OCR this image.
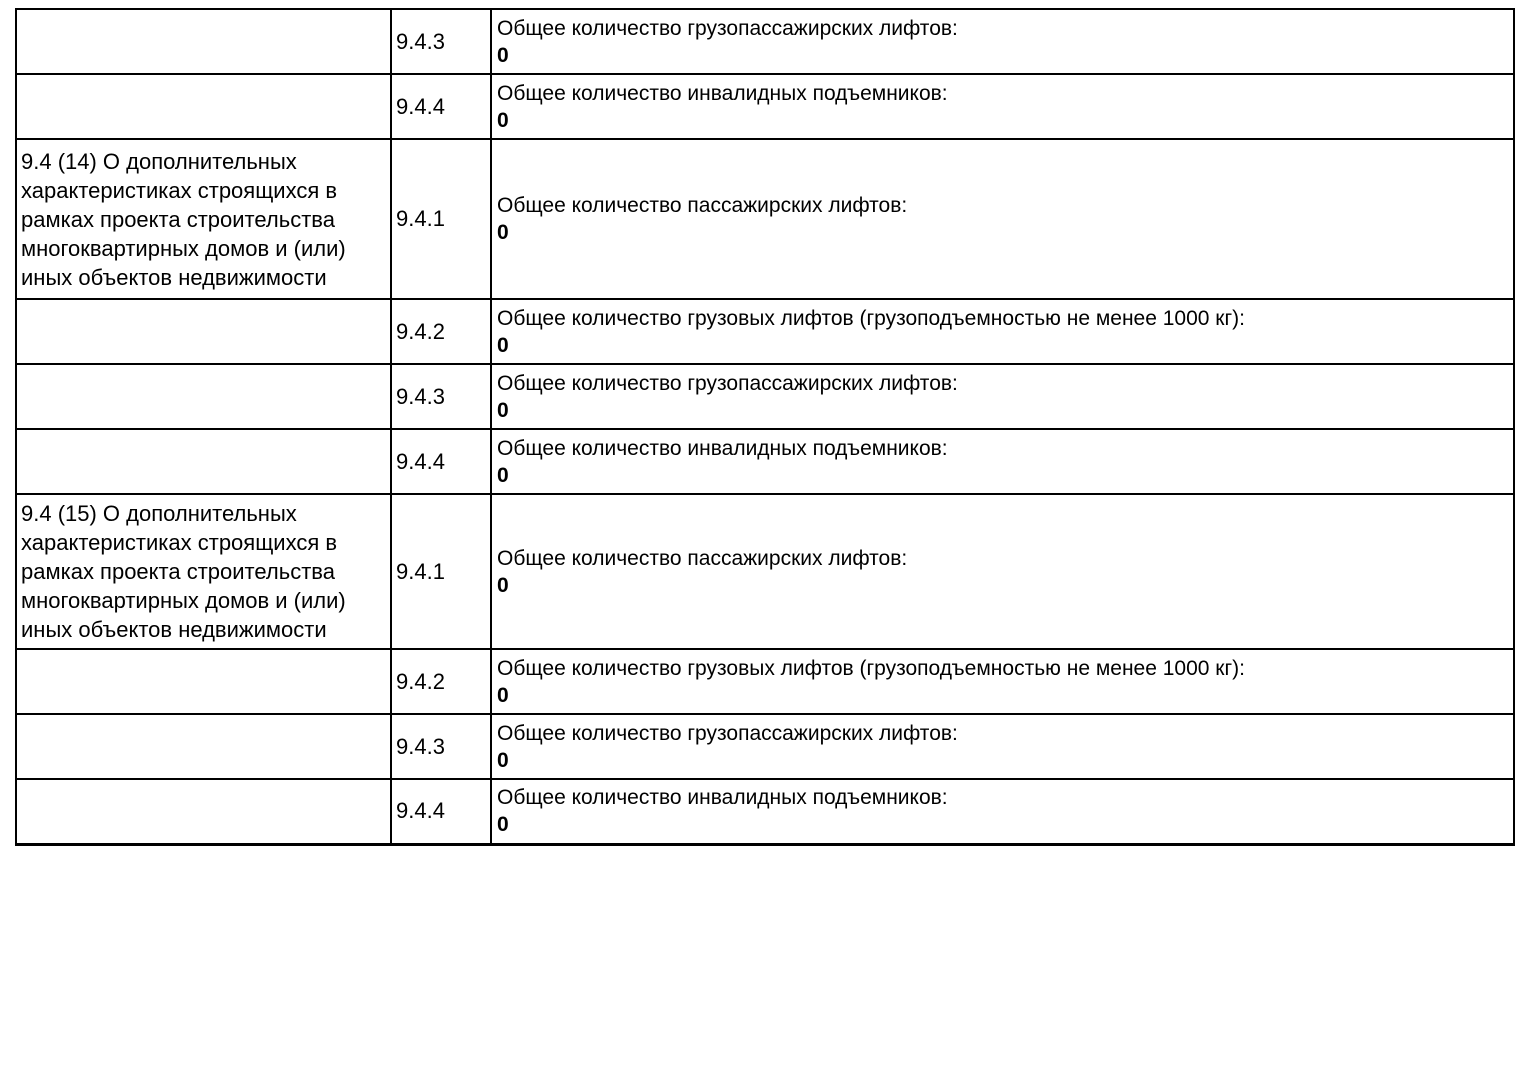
	9.4.3	Общее количество грузопассажирских лифтов:
0

	9.4.4	Общее количество инвалидных подъемников:
0

9.4 (14) О дополнительных характеристиках строящихся в рамках проекта строительства многоквартирных домов и (или) иных объектов недвижимости	9.4.1	Общее количество пассажирских лифтов:
0

	9.4.2	Общее количество грузовых лифтов (грузоподъемностью не менее 1000 кг):
0

	9.4.3	Общее количество грузопассажирских лифтов:
0

	9.4.4	Общее количество инвалидных подъемников:
0

9.4 (15) О дополнительных характеристиках строящихся в рамках проекта строительства многоквартирных домов и (или) иных объектов недвижимости	9.4.1	Общее количество пассажирских лифтов:
0

	9.4.2	Общее количество грузовых лифтов (грузоподъемностью не менее 1000 кг):
0

	9.4.3	Общее количество грузопассажирских лифтов:
0

	9.4.4	Общее количество инвалидных подъемников:
0
